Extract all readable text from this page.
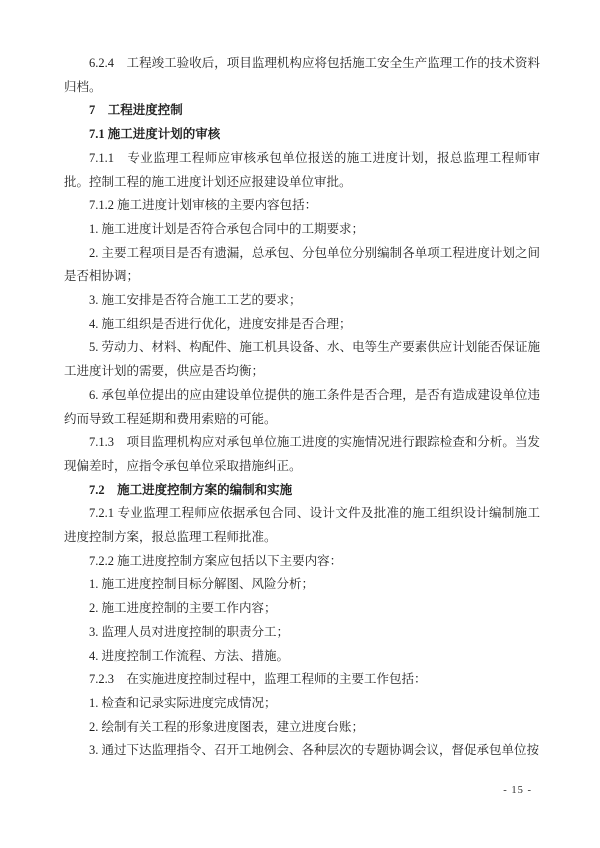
6.2.4　工程竣工验收后，项目监理机构应将包括施工安全生产监理工作的技术资料归档。

7　工程进度控制

7.1 施工进度计划的审核

7.1.1　专业监理工程师应审核承包单位报送的施工进度计划，报总监理工程师审批。控制工程的施工进度计划还应报建设单位审批。

7.1.2 施工进度计划审核的主要内容包括：

1. 施工进度计划是否符合承包合同中的工期要求；

2. 主要工程项目是否有遗漏，总承包、分包单位分别编制各单项工程进度计划之间是否相协调；

3. 施工安排是否符合施工工艺的要求；

4. 施工组织是否进行优化，进度安排是否合理；

5. 劳动力、材料、构配件、施工机具设备、水、电等生产要素供应计划能否保证施工进度计划的需要，供应是否均衡；

6. 承包单位提出的应由建设单位提供的施工条件是否合理，是否有造成建设单位违约而导致工程延期和费用索赔的可能。

7.1.3　项目监理机构应对承包单位施工进度的实施情况进行跟踪检查和分析。当发现偏差时，应指令承包单位采取措施纠正。

7.2　施工进度控制方案的编制和实施

7.2.1 专业监理工程师应依据承包合同、设计文件及批准的施工组织设计编制施工进度控制方案，报总监理工程师批准。

7.2.2 施工进度控制方案应包括以下主要内容：

1. 施工进度控制目标分解图、风险分析；

2. 施工进度控制的主要工作内容；

3. 监理人员对进度控制的职责分工；

4. 进度控制工作流程、方法、措施。

7.2.3　在实施进度控制过程中，监理工程师的主要工作包括：

1. 检查和记录实际进度完成情况；

2. 绘制有关工程的形象进度图表，建立进度台账；

3. 通过下达监理指令、召开工地例会、各种层次的专题协调会议，督促承包单位按

- 15 -
